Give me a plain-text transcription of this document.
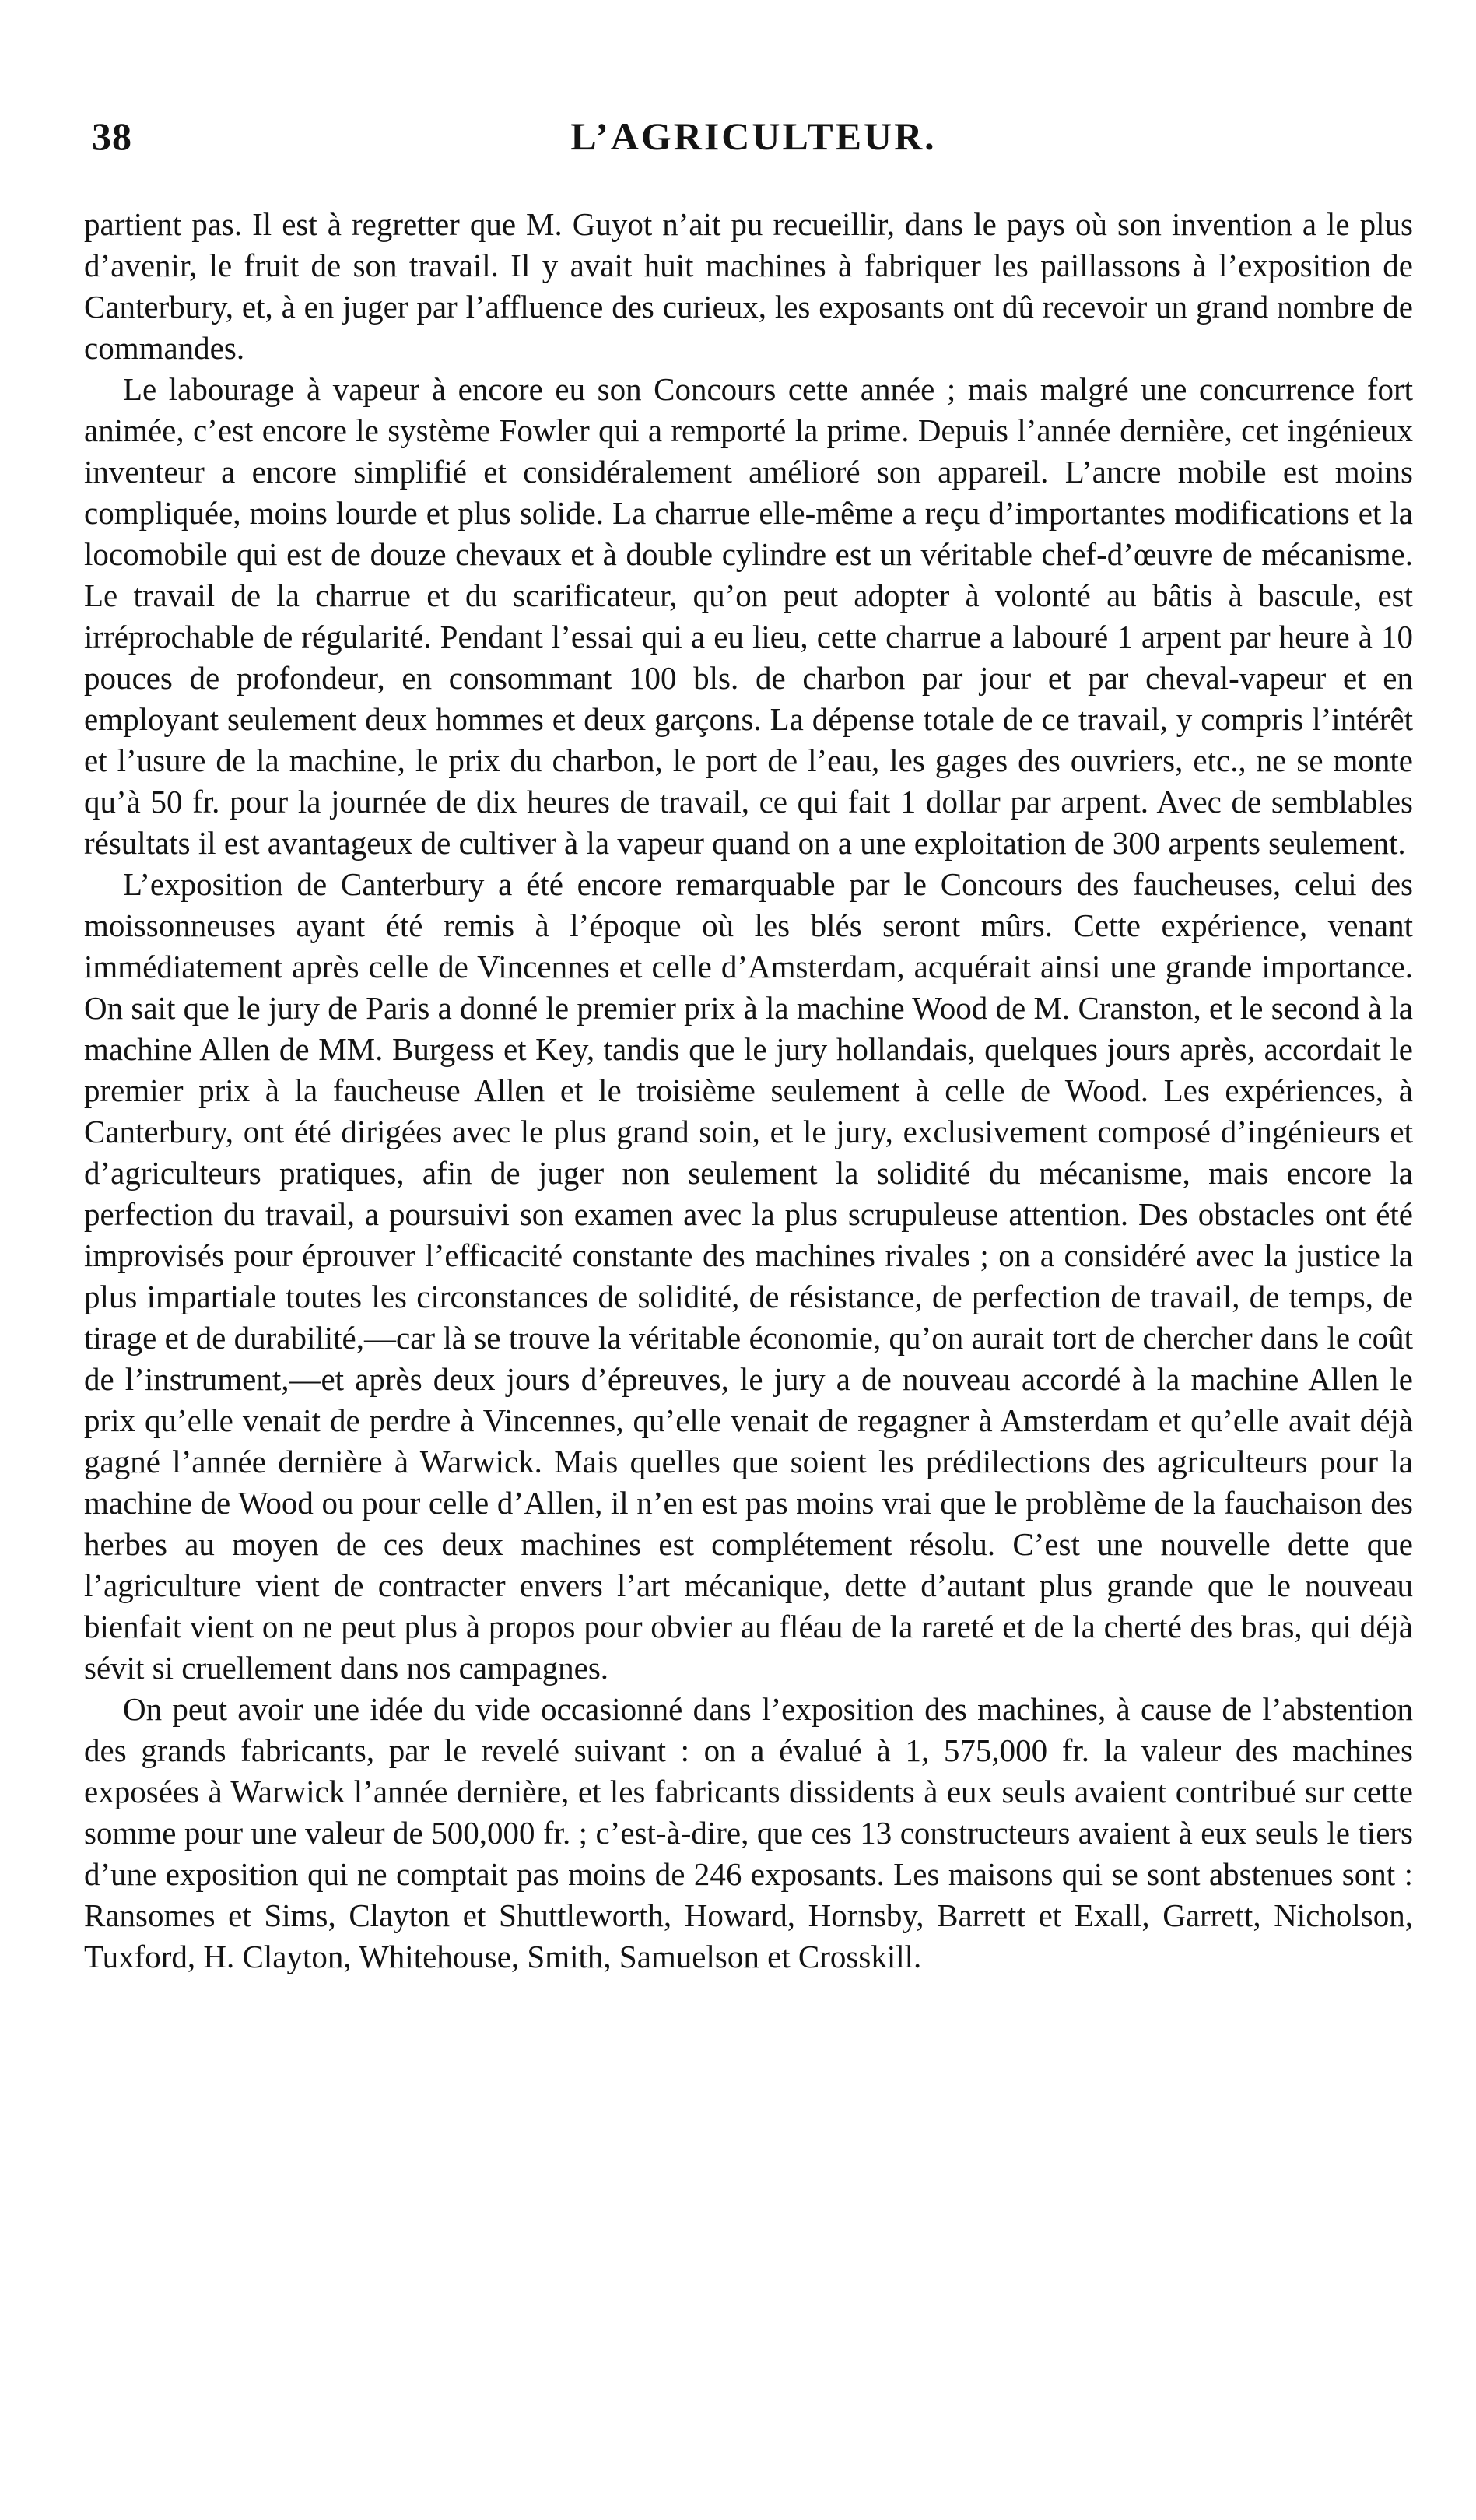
38	L’AGRICULTEUR.

partient pas. Il est à regretter que M. Guyot n’ait pu recueillir, dans le pays où son invention a le plus d’avenir, le fruit de son travail. Il y avait huit machines à fabriquer les paillassons à l’exposition de Canterbury, et, à en juger par l’affluence des curieux, les exposants ont dû recevoir un grand nombre de commandes.

Le labourage à vapeur à encore eu son Concours cette année ; mais malgré une concurrence fort animée, c’est encore le système Fowler qui a remporté la prime. Depuis l’année dernière, cet ingénieux inventeur a encore simplifié et considéralement amélioré son appareil. L’ancre mobile est moins compliquée, moins lourde et plus solide. La charrue elle-même a reçu d’importantes modifications et la locomobile qui est de douze chevaux et à double cylindre est un véritable chef-d’œuvre de mécanisme. Le travail de la charrue et du scarificateur, qu’on peut adopter à volonté au bâtis à bascule, est irréprochable de régularité. Pendant l’essai qui a eu lieu, cette charrue a labouré 1 arpent par heure à 10 pouces de profondeur, en consommant 100 bls. de charbon par jour et par cheval-vapeur et en employant seulement deux hommes et deux garçons. La dépense totale de ce travail, y compris l’intérêt et l’usure de la machine, le prix du charbon, le port de l’eau, les gages des ouvriers, etc., ne se monte qu’à 50 fr. pour la journée de dix heures de travail, ce qui fait 1 dollar par arpent. Avec de semblables résultats il est avantageux de cultiver à la vapeur quand on a une exploitation de 300 arpents seulement.

L’exposition de Canterbury a été encore remarquable par le Concours des faucheuses, celui des moissonneuses ayant été remis à l’époque où les blés seront mûrs. Cette expérience, venant immédiatement après celle de Vincennes et celle d’Amsterdam, acquérait ainsi une grande importance. On sait que le jury de Paris a donné le premier prix à la machine Wood de M. Cranston, et le second à la machine Allen de MM. Burgess et Key, tandis que le jury hollandais, quelques jours après, accordait le premier prix à la faucheuse Allen et le troisième seulement à celle de Wood. Les expériences, à Canterbury, ont été dirigées avec le plus grand soin, et le jury, exclusivement composé d’ingénieurs et d’agriculteurs pratiques, afin de juger non seulement la solidité du mécanisme, mais encore la perfection du travail, a poursuivi son examen avec la plus scrupuleuse attention. Des obstacles ont été improvisés pour éprouver l’efficacité constante des machines rivales ; on a considéré avec la justice la plus impartiale toutes les circonstances de solidité, de résistance, de perfection de travail, de temps, de tirage et de durabilité,—car là se trouve la véritable économie, qu’on aurait tort de chercher dans le coût de l’instrument,—et après deux jours d’épreuves, le jury a de nouveau accordé à la machine Allen le prix qu’elle venait de perdre à Vincennes, qu’elle venait de regagner à Amsterdam et qu’elle avait déjà gagné l’année dernière à Warwick. Mais quelles que soient les prédilections des agriculteurs pour la machine de Wood ou pour celle d’Allen, il n’en est pas moins vrai que le problème de la fauchaison des herbes au moyen de ces deux machines est complétement résolu. C’est une nouvelle dette que l’agriculture vient de contracter envers l’art mécanique, dette d’autant plus grande que le nouveau bienfait vient on ne peut plus à propos pour obvier au fléau de la rareté et de la cherté des bras, qui déjà sévit si cruellement dans nos campagnes.

On peut avoir une idée du vide occasionné dans l’exposition des machines, à cause de l’abstention des grands fabricants, par le revelé suivant : on a évalué à 1, 575,000 fr. la valeur des machines exposées à Warwick l’année dernière, et les fabricants dissidents à eux seuls avaient contribué sur cette somme pour une valeur de 500,000 fr. ; c’est-à-dire, que ces 13 constructeurs avaient à eux seuls le tiers d’une exposition qui ne comptait pas moins de 246 exposants. Les maisons qui se sont abstenues sont : Ransomes et Sims, Clayton et Shuttleworth, Howard, Hornsby, Barrett et Exall, Garrett, Nicholson, Tuxford, H. Clayton, Whitehouse, Smith, Samuelson et Crosskill.
